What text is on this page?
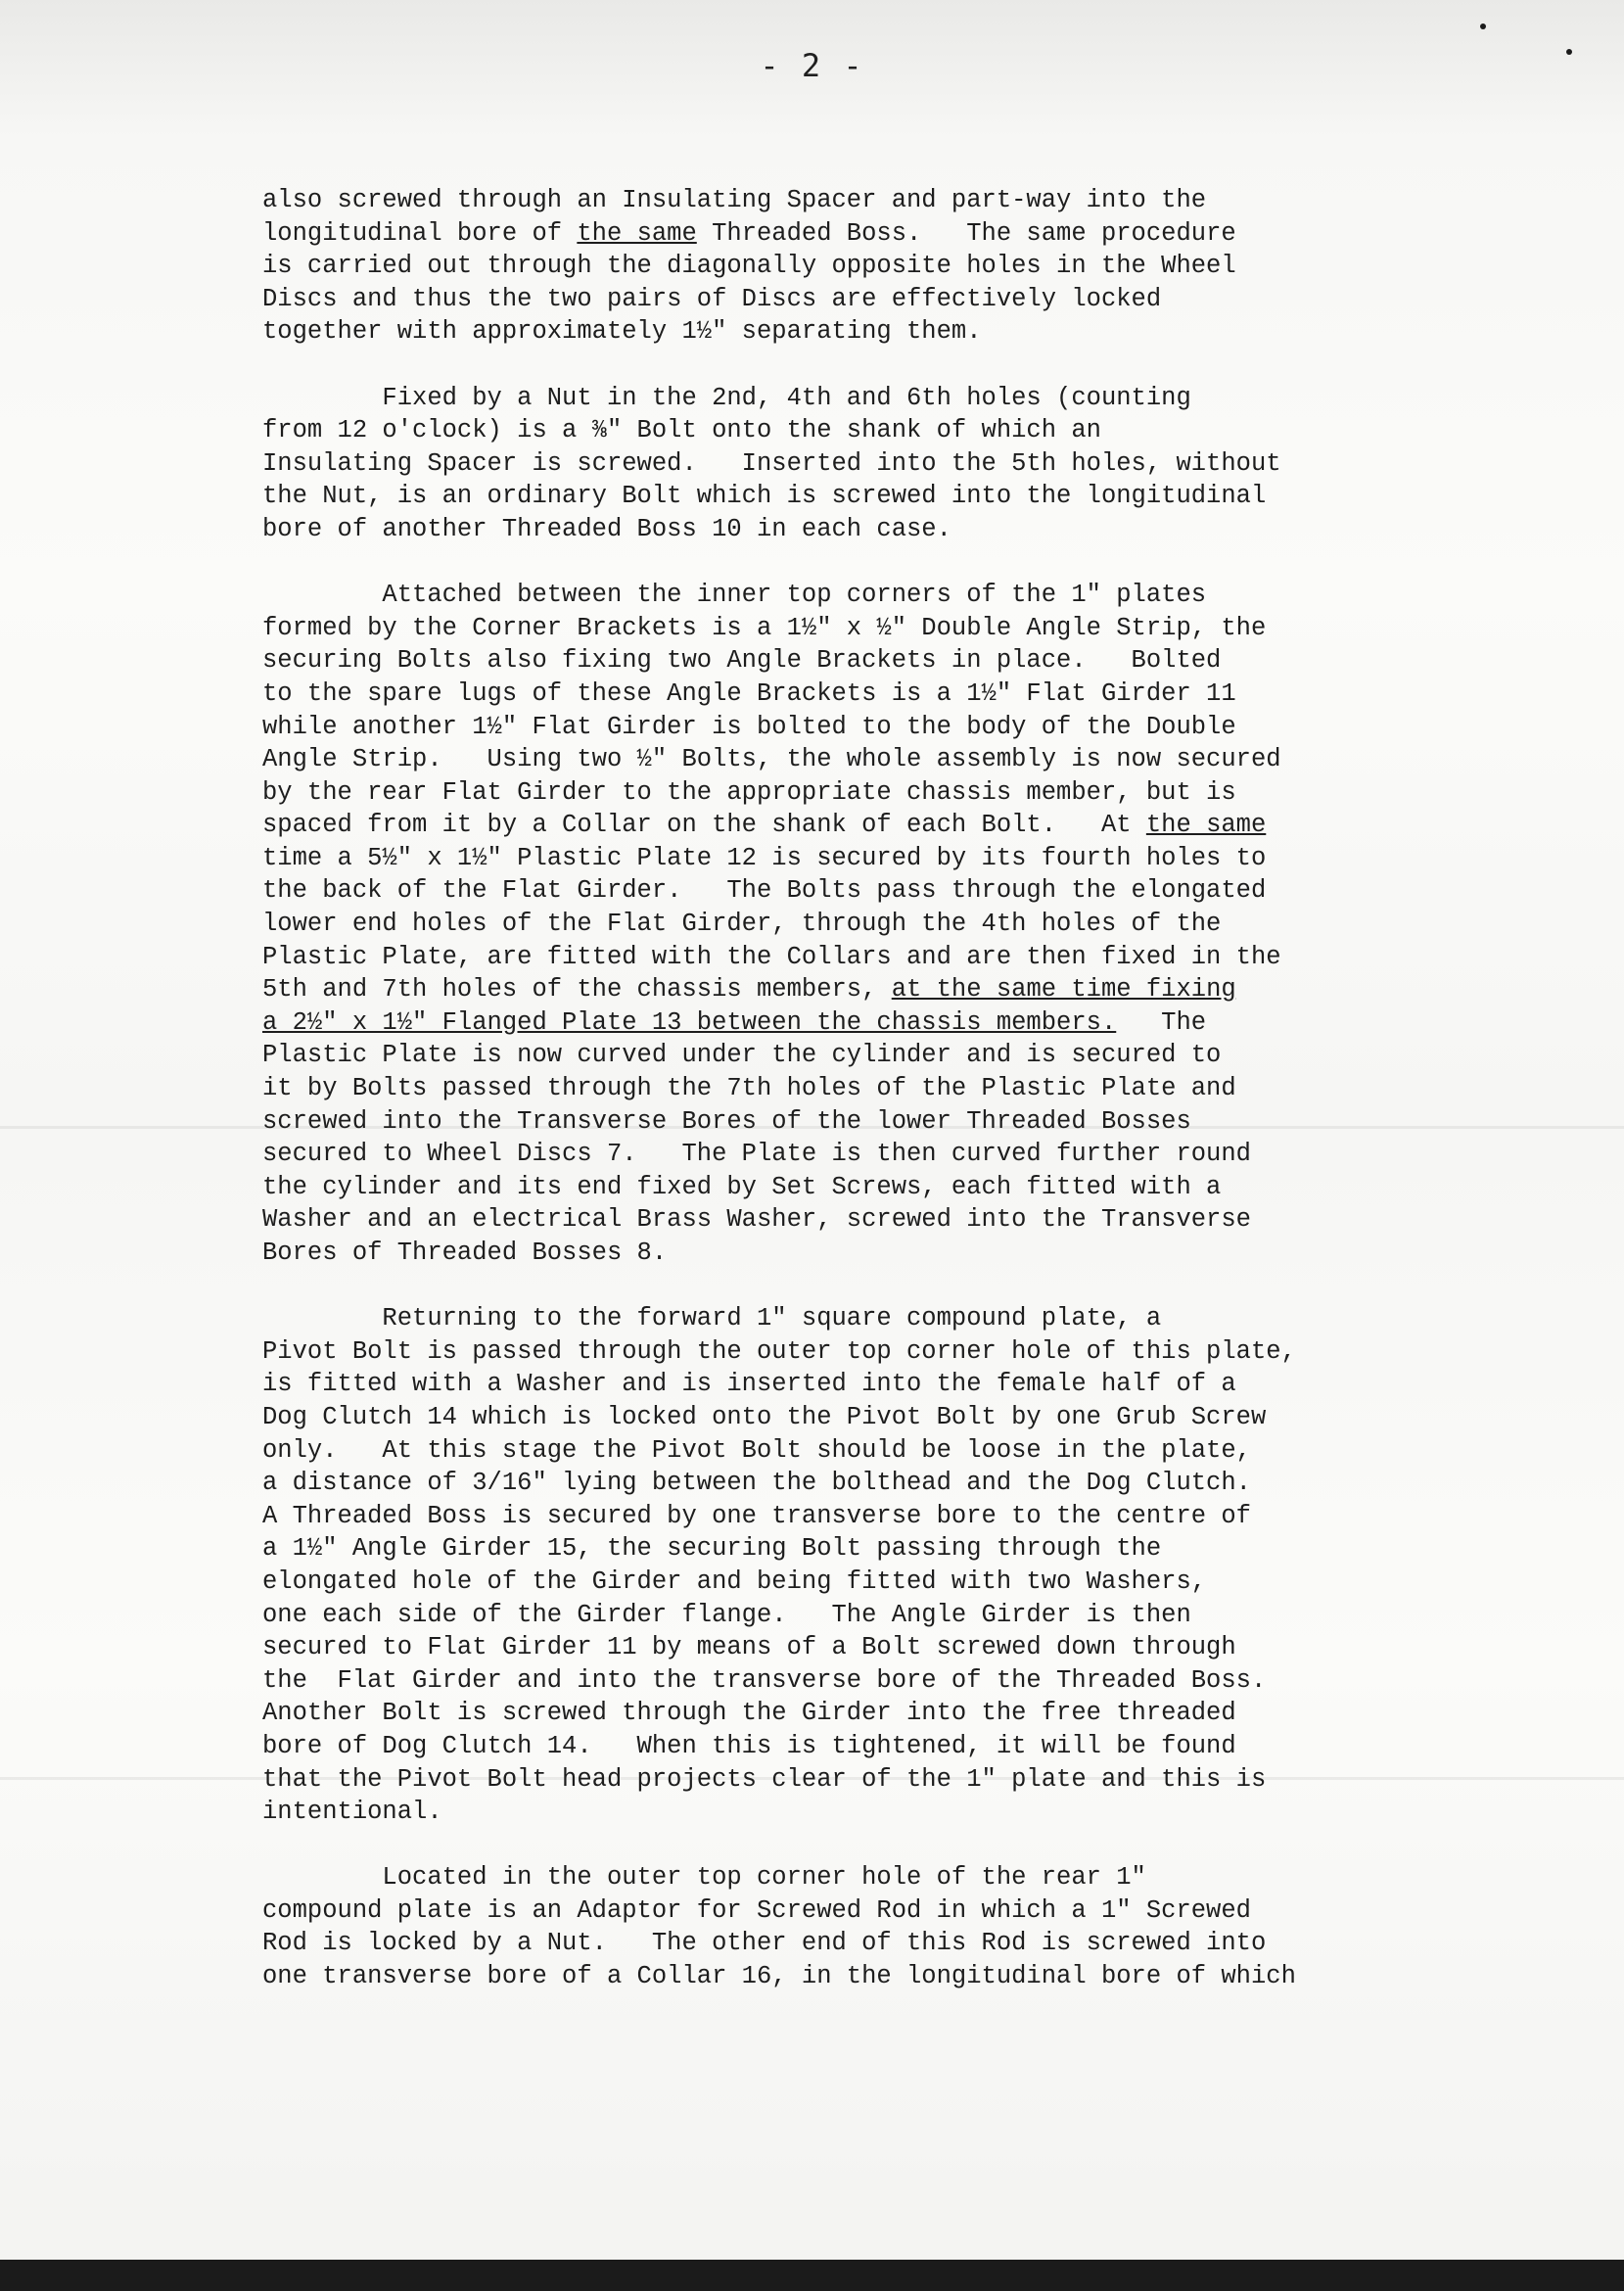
- 2 -
also screwed through an Insulating Spacer and part-way into the
longitudinal bore of the same Threaded Boss.   The same procedure
is carried out through the diagonally opposite holes in the Wheel
Discs and thus the two pairs of Discs are effectively locked
together with approximately 1½" separating them.
Fixed by a Nut in the 2nd, 4th and 6th holes (counting
from 12 o'clock) is a ⅜" Bolt onto the shank of which an
Insulating Spacer is screwed.   Inserted into the 5th holes, without
the Nut, is an ordinary Bolt which is screwed into the longitudinal
bore of another Threaded Boss 10 in each case.
Attached between the inner top corners of the 1" plates
formed by the Corner Brackets is a 1½" x ½" Double Angle Strip, the
securing Bolts also fixing two Angle Brackets in place.   Bolted
to the spare lugs of these Angle Brackets is a 1½" Flat Girder 11
while another 1½" Flat Girder is bolted to the body of the Double
Angle Strip.   Using two ½" Bolts, the whole assembly is now secured
by the rear Flat Girder to the appropriate chassis member, but is
spaced from it by a Collar on the shank of each Bolt.   At the same
time a 5½" x 1½" Plastic Plate 12 is secured by its fourth holes to
the back of the Flat Girder.   The Bolts pass through the elongated
lower end holes of the Flat Girder, through the 4th holes of the
Plastic Plate, are fitted with the Collars and are then fixed in the
5th and 7th holes of the chassis members, at the same time fixing
a 2½" x 1½" Flanged Plate 13 between the chassis members.   The
Plastic Plate is now curved under the cylinder and is secured to
it by Bolts passed through the 7th holes of the Plastic Plate and
screwed into the Transverse Bores of the lower Threaded Bosses
secured to Wheel Discs 7.   The Plate is then curved further round
the cylinder and its end fixed by Set Screws, each fitted with a
Washer and an electrical Brass Washer, screwed into the Transverse
Bores of Threaded Bosses 8.
Returning to the forward 1" square compound plate, a
Pivot Bolt is passed through the outer top corner hole of this plate,
is fitted with a Washer and is inserted into the female half of a
Dog Clutch 14 which is locked onto the Pivot Bolt by one Grub Screw
only.   At this stage the Pivot Bolt should be loose in the plate,
a distance of 3/16" lying between the bolthead and the Dog Clutch.
A Threaded Boss is secured by one transverse bore to the centre of
a 1½" Angle Girder 15, the securing Bolt passing through the
elongated hole of the Girder and being fitted with two Washers,
one each side of the Girder flange.   The Angle Girder is then
secured to Flat Girder 11 by means of a Bolt screwed down through
the  Flat Girder and into the transverse bore of the Threaded Boss.
Another Bolt is screwed through the Girder into the free threaded
bore of Dog Clutch 14.   When this is tightened, it will be found
that the Pivot Bolt head projects clear of the 1" plate and this is
intentional.
Located in the outer top corner hole of the rear 1"
compound plate is an Adaptor for Screwed Rod in which a 1" Screwed
Rod is locked by a Nut.   The other end of this Rod is screwed into
one transverse bore of a Collar 16, in the longitudinal bore of which
